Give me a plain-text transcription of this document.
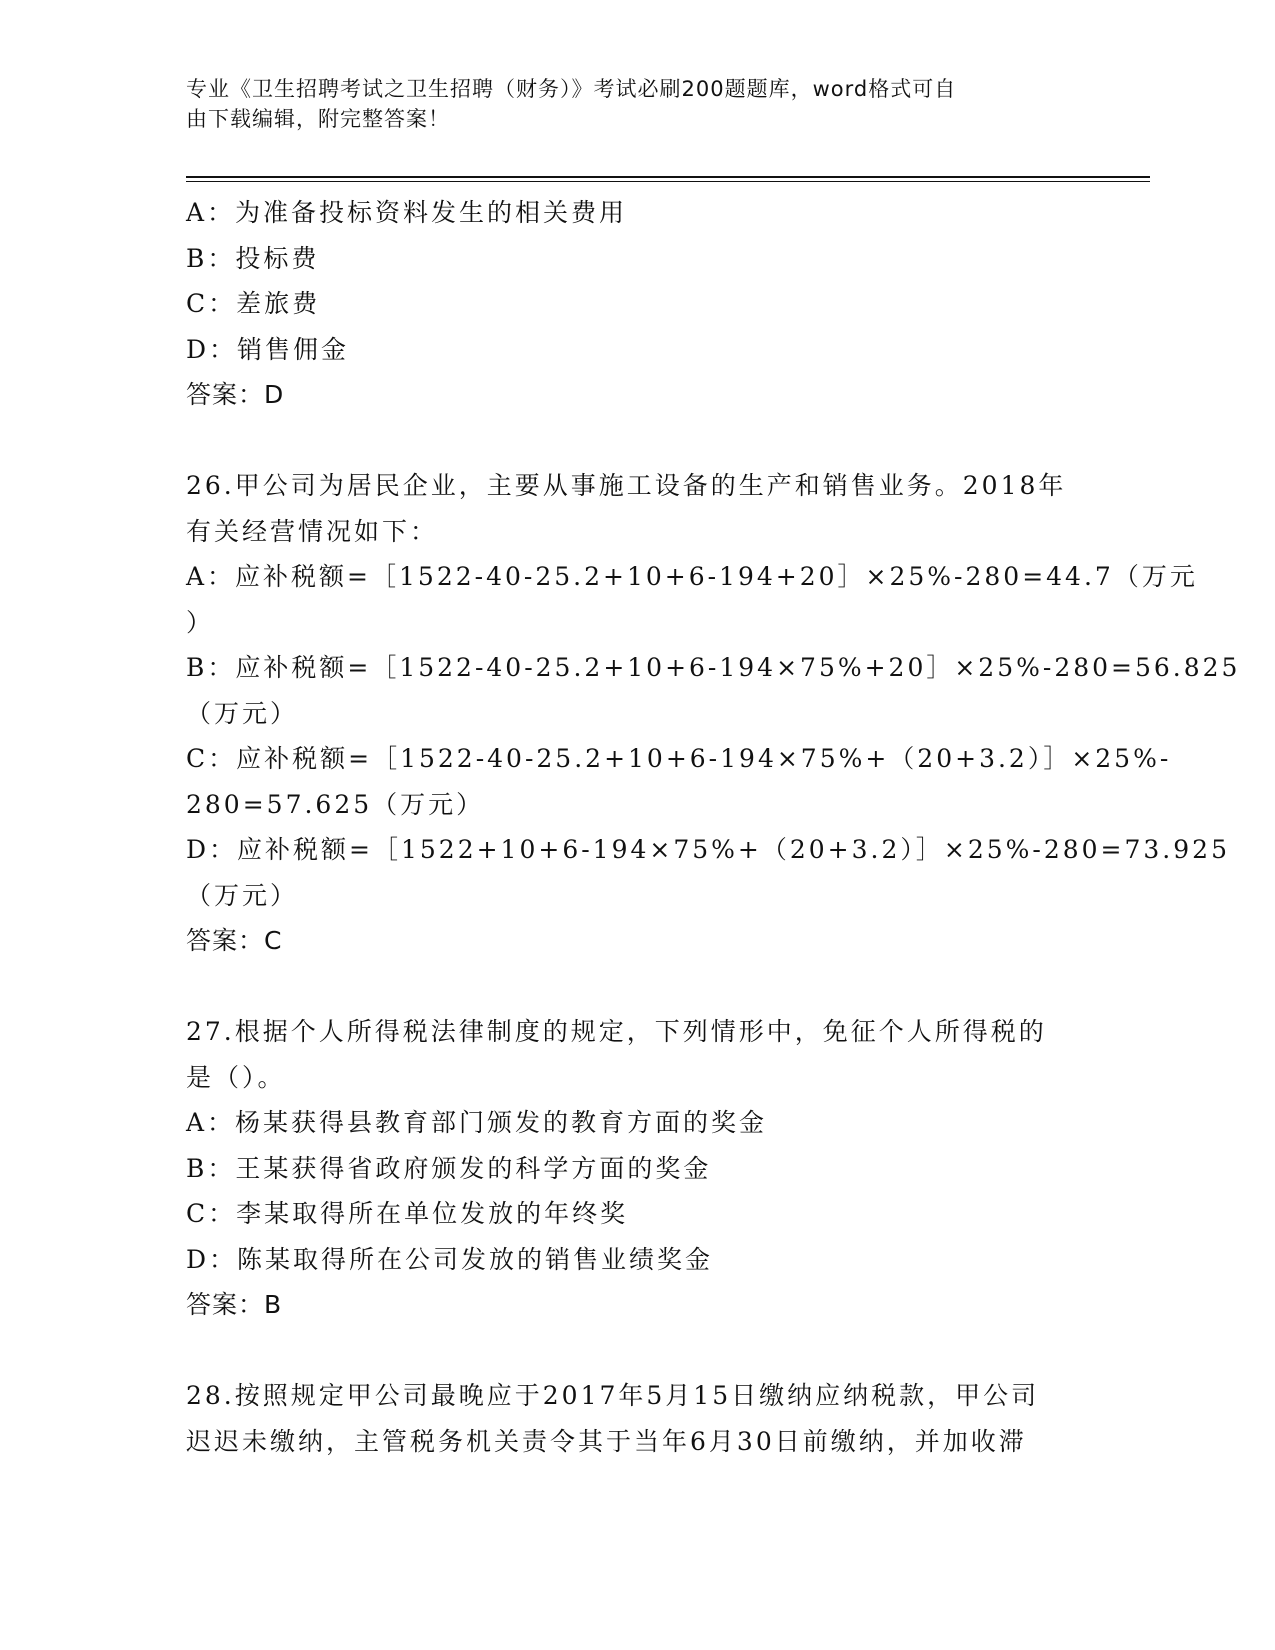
专业《卫生招聘考试之卫生招聘（财务）》考试必刷200题题库，word格式可自
由下载编辑，附完整答案！
A：为准备投标资料发生的相关费用
B：投标费
C：差旅费
D：销售佣金
答案：D
26.甲公司为居民企业，主要从事施工设备的生产和销售业务。2018年
有关经营情况如下：
A：应补税额=［1522-40-25.2+10+6-194+20］×25%-280=44.7（万元
）
B：应补税额=［1522-40-25.2+10+6-194×75%+20］×25%-280=56.825
（万元）
C：应补税额=［1522-40-25.2+10+6-194×75%+（20+3.2）］×25%-
280=57.625（万元）
D：应补税额=［1522+10+6-194×75%+（20+3.2）］×25%-280=73.925
（万元）
答案：C
27.根据个人所得税法律制度的规定，下列情形中，免征个人所得税的
是（）。
A：杨某获得县教育部门颁发的教育方面的奖金
B：王某获得省政府颁发的科学方面的奖金
C：李某取得所在单位发放的年终奖
D：陈某取得所在公司发放的销售业绩奖金
答案：B
28.按照规定甲公司最晚应于2017年5月15日缴纳应纳税款，甲公司
迟迟未缴纳，主管税务机关责令其于当年6月30日前缴纳，并加收滞
